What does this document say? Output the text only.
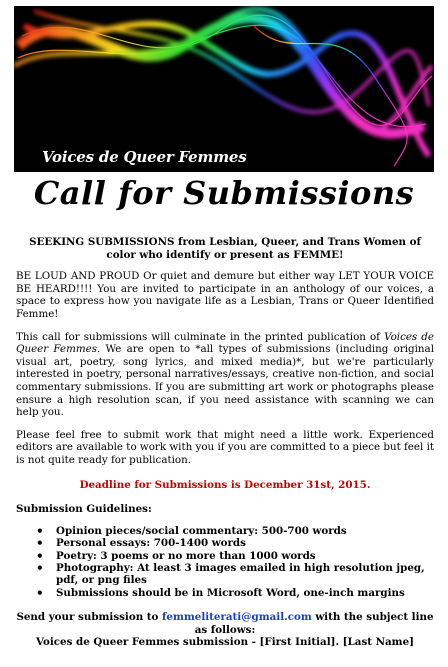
Voices de Queer Femmes
Call for Submissions

SEEKING SUBMISSIONS from Lesbian, Queer, and Trans Women of color who identify or present as FEMME!

BE LOUD AND PROUD Or quiet and demure but either way LET YOUR VOICE BE HEARD!!!! You are invited to participate in an anthology of our voices, a space to express how you navigate life as a Lesbian, Trans or Queer Identified Femme!

This call for submissions will culminate in the printed publication of Voices de Queer Femmes. We are open to *all types of submissions (including original visual art, poetry, song lyrics, and mixed media)*, but we're particularly interested in poetry, personal narratives/essays, creative non-fiction, and social commentary submissions. If you are submitting art work or photographs please ensure a high resolution scan, if you need assistance with scanning we can help you.

Please feel free to submit work that might need a little work. Experienced editors are available to work with you if you are committed to a piece but feel it is not quite ready for publication.

Deadline for Submissions is December 31st, 2015.

Submission Guidelines:

• Opinion pieces/social commentary: 500-700 words
• Personal essays: 700-1400 words
• Poetry: 3 poems or no more than 1000 words
• Photography: At least 3 images emailed in high resolution jpeg, pdf, or png files
• Submissions should be in Microsoft Word, one-inch margins

Send your submission to femmeliterati@gmail.com with the subject line as follows:

Voices de Queer Femmes submission - [First Initial]. [Last Name]
